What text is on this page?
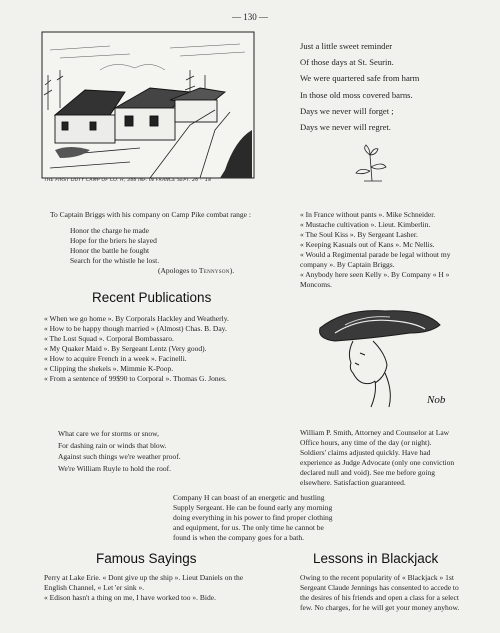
— 130 —
THE FIRST DUTY CAMP OF CO. H, 346 INF. IN FRANCE SEPT. 26 - '18
Just a little sweet reminder
Of those days at St. Seurin.
We were quartered safe from harm
In those old moss covered barns.
Days we never will forget ;
Days we never will regret.
To Captain Briggs with his company on Camp Pike combat range :
Honor the charge he made
Hope for the briers he slayed
Honor the battle he fought
Search for the whistle he lost.
(Apologes to Tennyson).
« In France without pants ». Mike Schneider.
« Mustache cultivation ». Lieut. Kimberlin.
« The Soul Kiss ». By Sergeant Lasher.
« Keeping Kasuals out of Kans ». Mc Nellis.
« Would a Regimental parade be legal without my company ». By Captain Briggs.
« Anybody here seen Kelly ». By Company « H » Moncoms.
Recent Publications
« When we go home ». By Corporals Hackley and Weatherly.
« How to be happy though married » (Almost) Chas. B. Day.
« The Lost Squad ». Corporal Bombassaro.
« My Quaker Maid ». By Sergeant Lentz (Very good).
« How to acquire French in a week ». Facinelli.
« Clipping the shekels ». Mimmie K-Poop.
« From a sentence of 99$90 to Corporal ». Thomas G. Jones.
Nob
What care we for storms or snow,
For dashing rain or winds that blow.
Against such things we're weather proof.
We're William Ruyle to hold the roof.
William P. Smith, Attorney and Counselor at Law
Office hours, any time of the day (or night).
Soldiers' claims adjusted quickly. Have had experience as Judge Advocate (only one conviction declared null and void). See me before going elsewhere. Satisfaction guaranteed.
Company H can boast of an energetic and hustling Supply Sergeant. He can be found early any morning doing everything in his power to find proper clothing and equipment, for us. The only time he cannot be found is when the company goes for a bath.
Famous Sayings
Perry at Lake Erie. « Dont give up the ship ». Lieut Daniels on the English Channel, « Let 'er sink ».
« Edison hasn't a thing on me, I have worked too ». Bide.
Lessons in Blackjack
Owing to the recent popularity of « Blackjack » 1st Sergeant Claude Jennings has consented to accede to the desires of his friends and open a class for a select few. No charges, for he will get your money anyhow.
